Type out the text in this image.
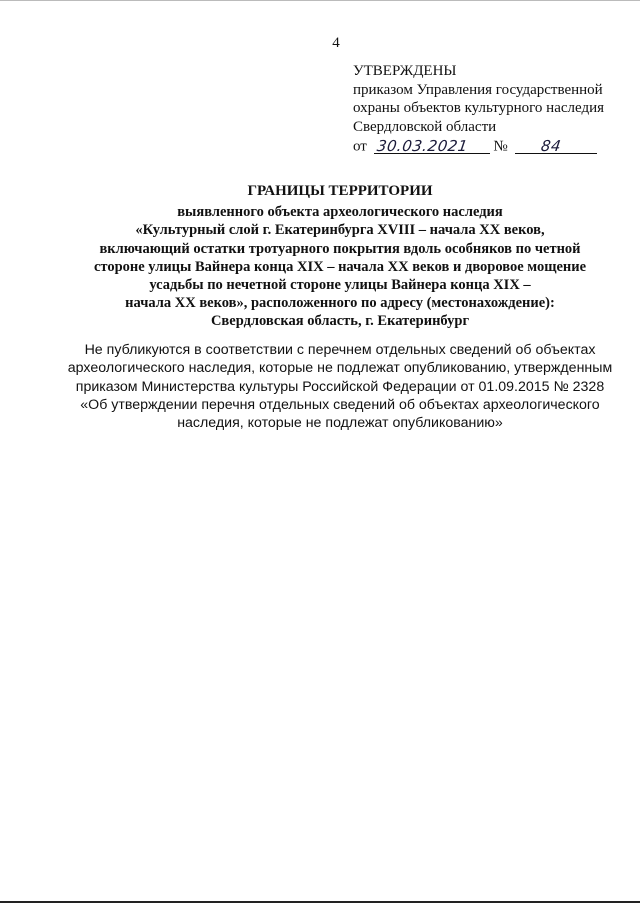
4
УТВЕРЖДЕНЫ
приказом Управления государственной
охраны объектов культурного наследия
Свердловской области
от 30.03.2021 № 84
ГРАНИЦЫ ТЕРРИТОРИИ
выявленного объекта археологического наследия
«Культурный слой г. Екатеринбурга XVIII – начала XX веков,
включающий остатки тротуарного покрытия вдоль особняков по четной
стороне улицы Вайнера конца XIX – начала XX веков и дворовое мощение
усадьбы по нечетной стороне улицы Вайнера конца XIX –
начала XX веков», расположенного по адресу (местонахождение):
Свердловская область, г. Екатеринбург
Не публикуются в соответствии с перечнем отдельных сведений об объектах
археологического наследия, которые не подлежат опубликованию, утвержденным
приказом Министерства культуры Российской Федерации от 01.09.2015 № 2328
«Об утверждении перечня отдельных сведений об объектах археологического
наследия, которые не подлежат опубликованию»
